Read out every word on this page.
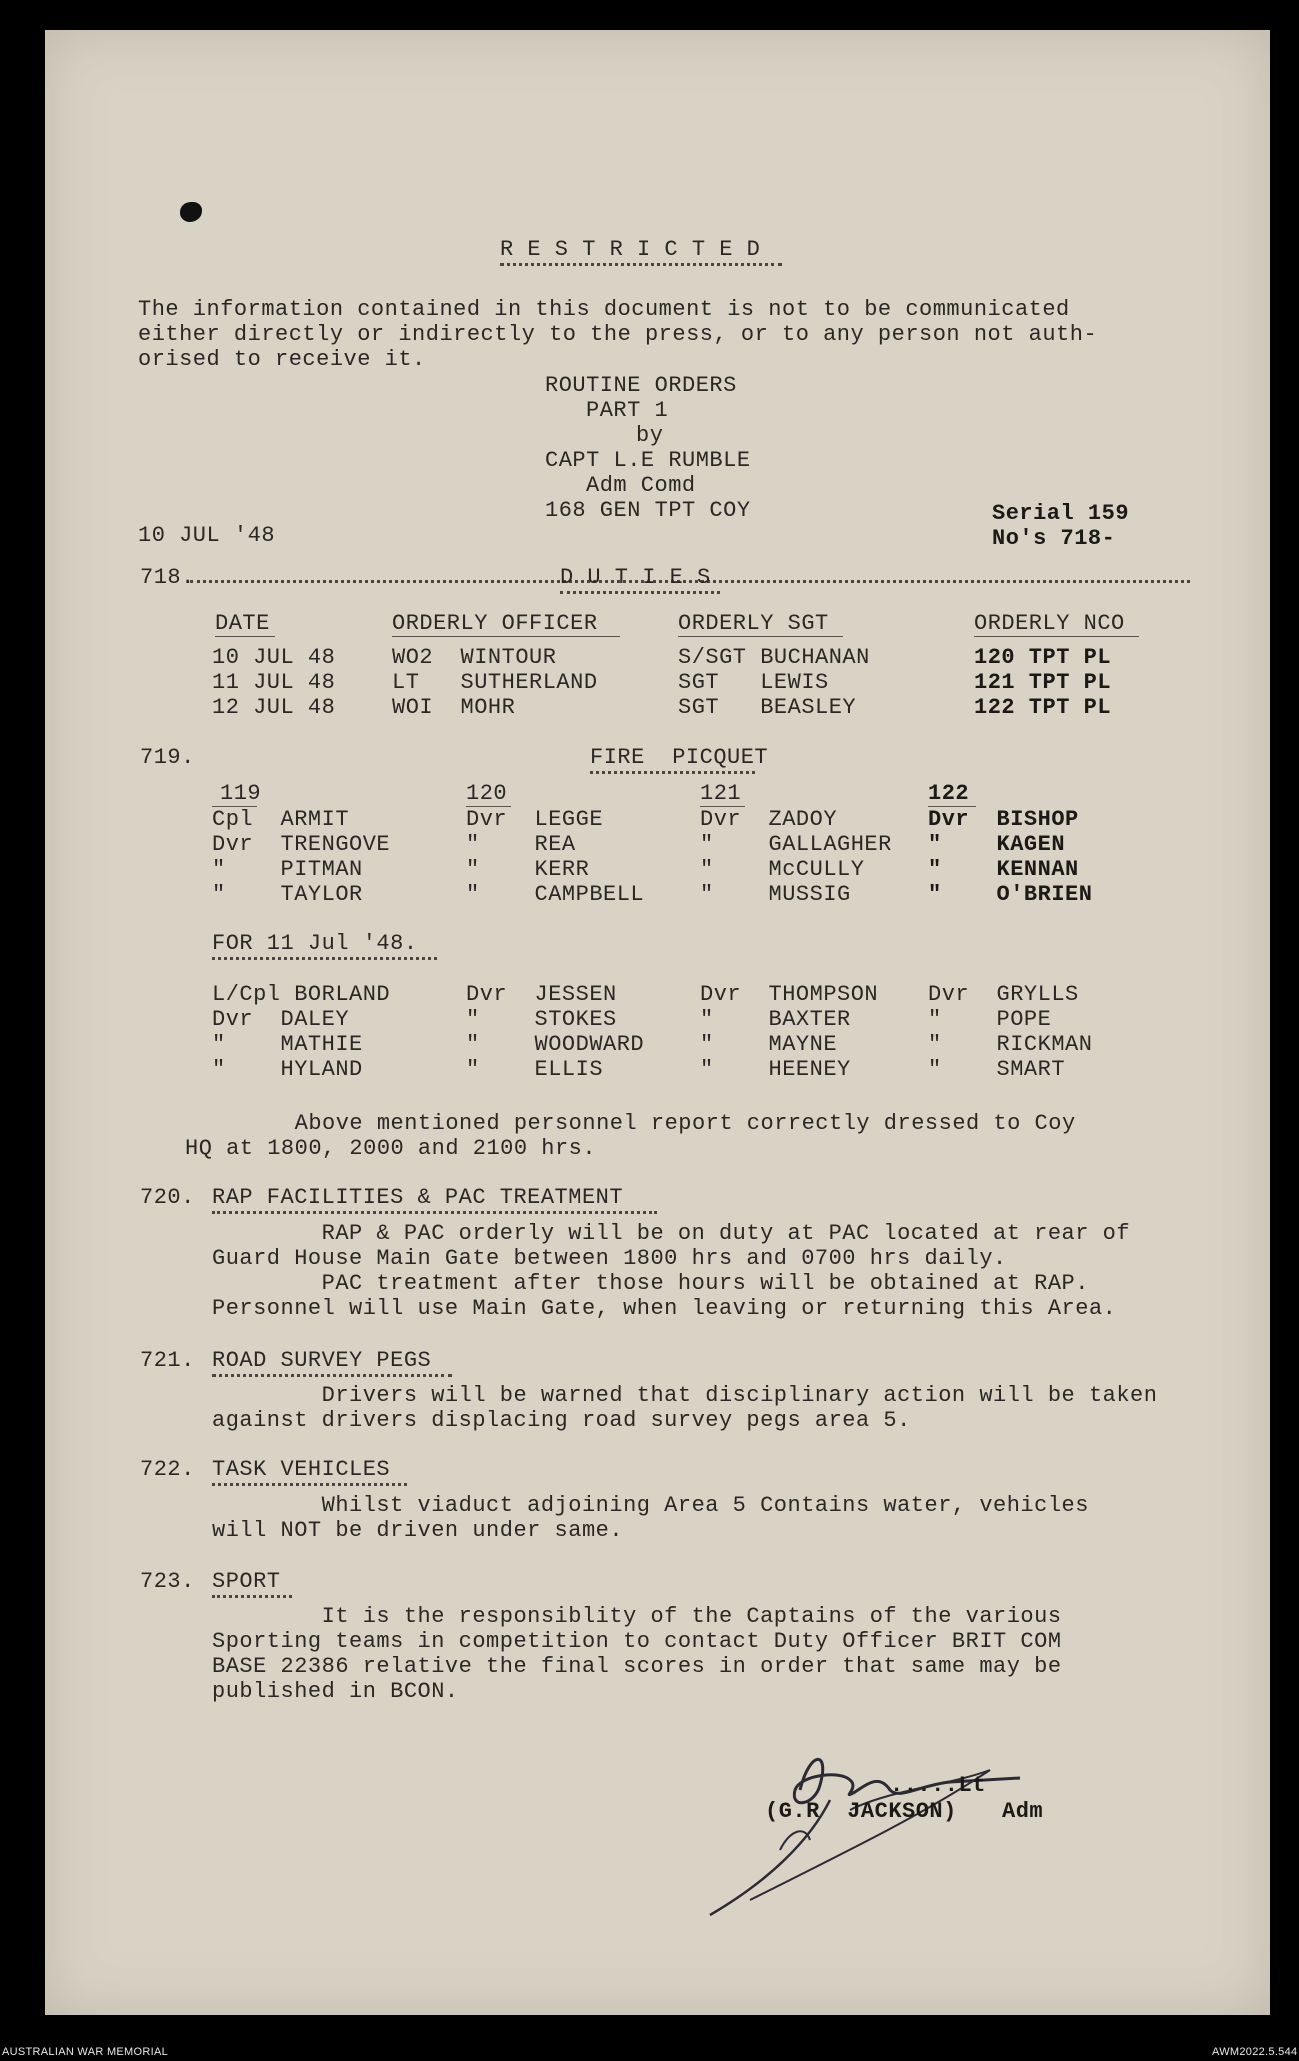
R E S T R I C T E D
The information contained in this document is not to be communicated
either directly or indirectly to the press, or to any person not auth-
orised to receive it.
ROUTINE ORDERS
PART 1
by
CAPT L.E RUMBLE
Adm Comd
168 GEN TPT COY	Serial 159
No's 718-
10 JUL '48
718.	D U T I E S
DATE	ORDERLY OFFICER	ORDERLY SGT	ORDERLY NCO
10 JUL 48	WO2  WINTOUR	S/SGT BUCHANAN	120 TPT PL
11 JUL 48	LT   SUTHERLAND	SGT   LEWIS	121 TPT PL
12 JUL 48	WOI  MOHR	SGT   BEASLEY	122 TPT PL
719.	FIRE  PICQUET
119	120	121	122
Cpl  ARMIT	Dvr  LEGGE	Dvr  ZADOY	Dvr  BISHOP
Dvr  TRENGOVE	"    REA	"    GALLAGHER "    KAGEN
"    PITMAN	"    KERR	"    McCULLY	"    KENNAN
"    TAYLOR	"    CAMPBELL	"    MUSSIG	"    O'BRIEN
FOR 11 Jul '48.
L/Cpl BORLAND	Dvr  JESSEN	Dvr  THOMPSON Dvr  GRYLLS
Dvr  DALEY	"    STOKES	"    BAXTER	"    POPE
"    MATHIE	"    WOODWARD	"    MAYNE	"    RICKMAN
"    HYLAND	"    ELLIS	"    HEENEY	"    SMART
Above mentioned personnel report correctly dressed to Coy
HQ at 1800, 2000 and 2100 hrs.
720. RAP FACILITIES & PAC TREATMENT
RAP & PAC orderly will be on duty at PAC located at rear of
Guard House Main Gate between 1800 hrs and 0700 hrs daily.
PAC treatment after those hours will be obtained at RAP.
Personnel will use Main Gate, when leaving or returning this Area.
721. ROAD SURVEY PEGS
Drivers will be warned that disciplinary action will be taken
against drivers displacing road survey pegs area 5.
722. TASK VEHICLES
Whilst viaduct adjoining Area 5 Contains water, vehicles
will NOT be driven under same.
723. SPORT
It is the responsiblity of the Captains of the various
Sporting teams in competition to contact Duty Officer BRIT COM
BASE 22386 relative the final scores in order that same may be
published in BCON.
.....Lt
(G.R  JACKSON) Adm
AUSTRALIAN WAR MEMORIAL	AWM2022.5.544
